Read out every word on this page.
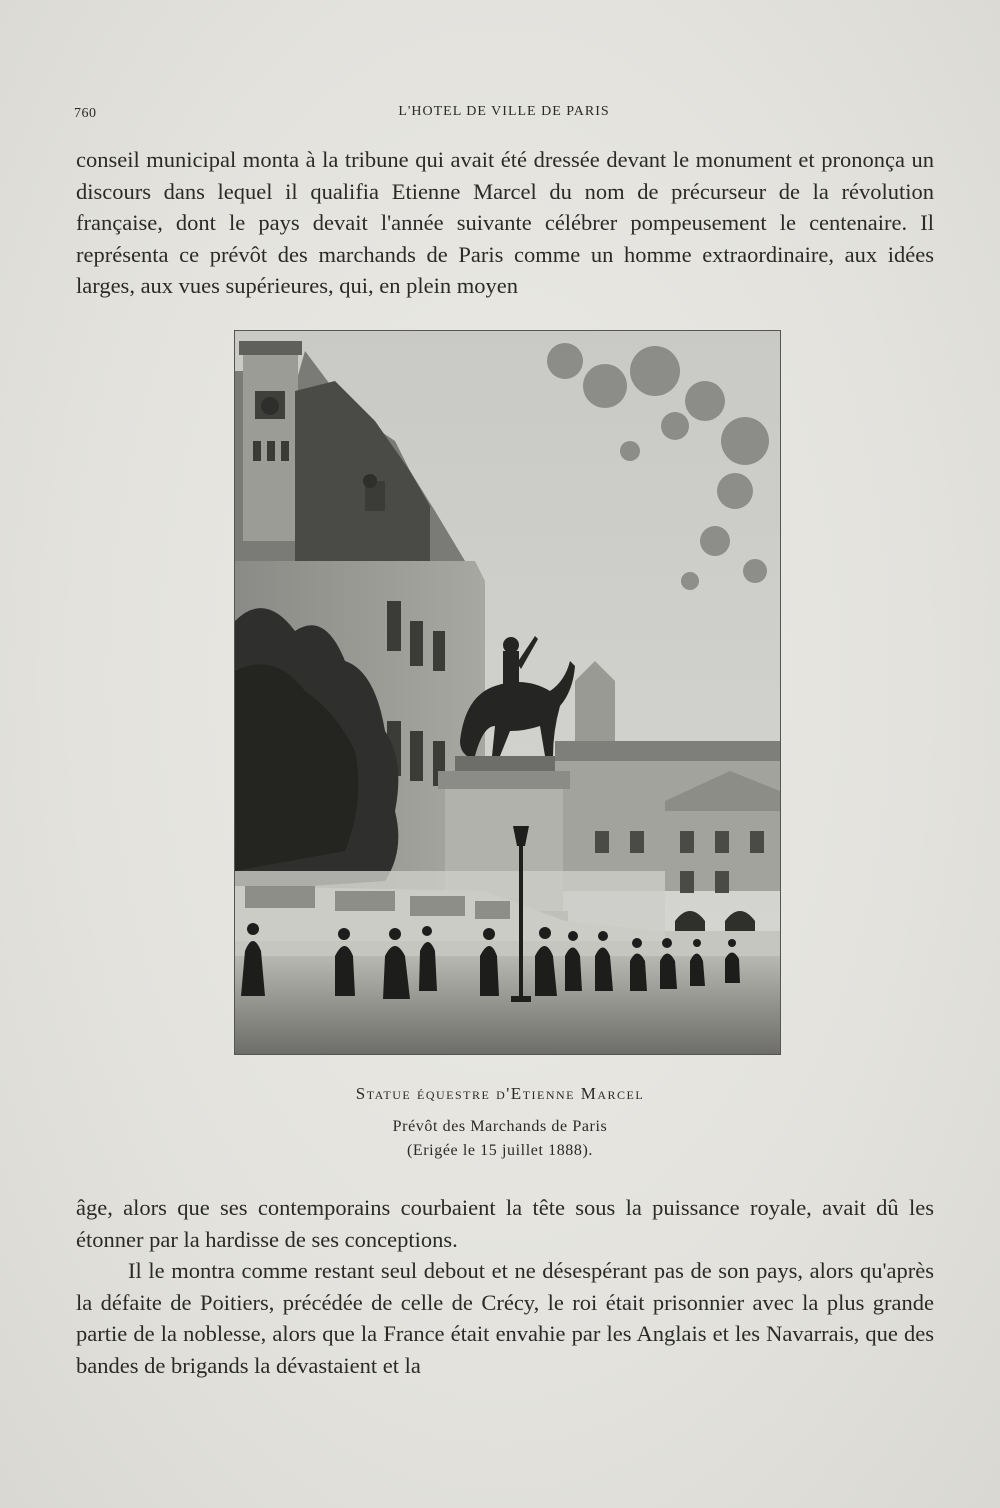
760	L'HOTEL DE VILLE DE PARIS

conseil municipal monta à la tribune qui avait été dressée devant le monument et prononça un discours dans lequel il qualifia Etienne Marcel du nom de précurseur de la révolution française, dont le pays devait l'année suivante célébrer pompeusement le centenaire. Il représenta ce prévôt des marchands de Paris comme un homme extraordinaire, aux idées larges, aux vues supérieures, qui, en plein moyen

Statue équestre d'Etienne Marcel
Prévôt des Marchands de Paris
(Erigée le 15 juillet 1888).

âge, alors que ses contemporains courbaient la tête sous la puissance royale, avait dû les étonner par la hardisse de ses conceptions.

Il le montra comme restant seul debout et ne désespérant pas de son pays, alors qu'après la défaite de Poitiers, précédée de celle de Crécy, le roi était prisonnier avec la plus grande partie de la noblesse, alors que la France était envahie par les Anglais et les Navarrais, que des bandes de brigands la dévastaient et la
